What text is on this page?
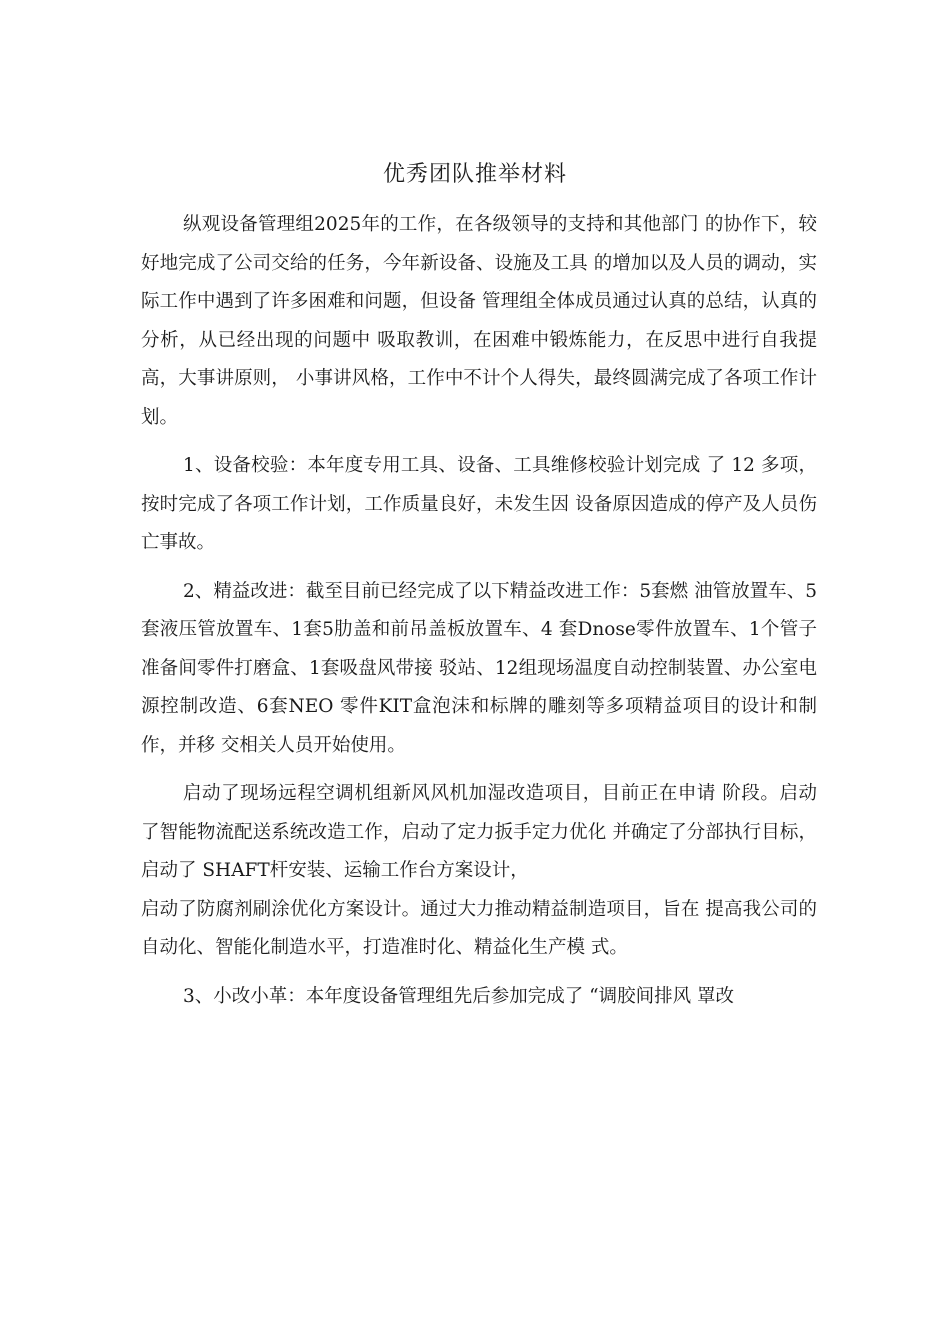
优秀团队推举材料

纵观设备管理组2025年的工作，在各级领导的支持和其他部门 的协作下，较好地完成了公司交给的任务，今年新设备、设施及工具 的增加以及人员的调动，实际工作中遇到了许多困难和问题，但设备 管理组全体成员通过认真的总结，认真的分析，从已经出现的问题中 吸取教训，在困难中锻炼能力，在反思中进行自我提高，大事讲原则， 小事讲风格，工作中不计个人得失，最终圆满完成了各项工作计划。

1、设备校验：本年度专用工具、设备、工具维修校验计划完成 了 12 多项，按时完成了各项工作计划，工作质量良好，未发生因 设备原因造成的停产及人员伤亡事故。

2、精益改进：截至目前已经完成了以下精益改进工作：5套燃 油管放置车、5套液压管放置车、1套5肋盖和前吊盖板放置车、4 套Dnose零件放置车、1个管子准备间零件打磨盒、1套吸盘风带接 驳站、12组现场温度自动控制装置、办公室电源控制改造、6套NEO 零件KIT盒泡沫和标牌的雕刻等多项精益项目的设计和制作，并移 交相关人员开始使用。

启动了现场远程空调机组新风风机加湿改造项目，目前正在申请 阶段。启动了智能物流配送系统改造工作，启动了定力扳手定力优化 并确定了分部执行目标，启动了 SHAFT杆安装、运输工作台方案设计，

启动了防腐剂刷涂优化方案设计。通过大力推动精益制造项目，旨在 提高我公司的自动化、智能化制造水平，打造准时化、精益化生产模 式。

3、小改小革：本年度设备管理组先后参加完成了 “调胶间排风 罩改
